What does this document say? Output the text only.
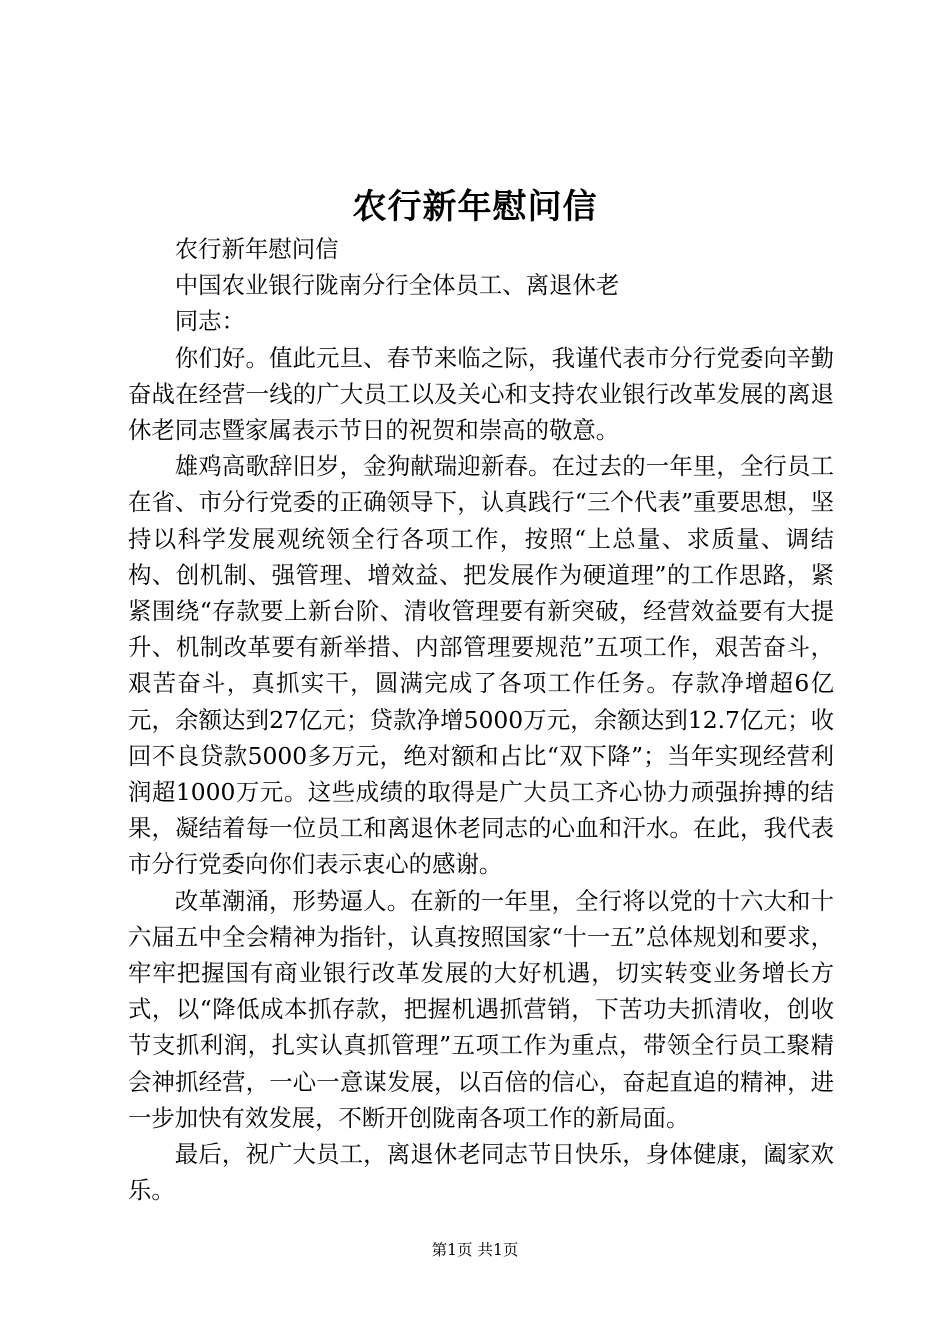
农行新年慰问信

农行新年慰问信

中国农业银行陇南分行全体员工、离退休老

同志：

你们好。值此元旦、春节来临之际，我谨代表市分行党委向辛勤奋战在经营一线的广大员工以及关心和支持农业银行改革发展的离退休老同志暨家属表示节日的祝贺和崇高的敬意。

雄鸡高歌辞旧岁，金狗献瑞迎新春。在过去的一年里，全行员工在省、市分行党委的正确领导下，认真践行“三个代表”重要思想，坚持以科学发展观统领全行各项工作，按照“上总量、求质量、调结构、创机制、强管理、增效益、把发展作为硬道理”的工作思路，紧紧围绕“存款要上新台阶、清收管理要有新突破，经营效益要有大提升、机制改革要有新举措、内部管理要规范”五项工作，艰苦奋斗，艰苦奋斗，真抓实干，圆满完成了各项工作任务。存款净增超6亿元，余额达到27亿元；贷款净增5000万元，余额达到12.7亿元；收回不良贷款5000多万元，绝对额和占比“双下降”；当年实现经营利润超1000万元。这些成绩的取得是广大员工齐心协力顽强拚搏的结果，凝结着每一位员工和离退休老同志的心血和汗水。在此，我代表市分行党委向你们表示衷心的感谢。

改革潮涌，形势逼人。在新的一年里，全行将以党的十六大和十六届五中全会精神为指针，认真按照国家“十一五”总体规划和要求，牢牢把握国有商业银行改革发展的大好机遇，切实转变业务增长方式，以“降低成本抓存款，把握机遇抓营销，下苦功夫抓清收，创收节支抓利润，扎实认真抓管理”五项工作为重点，带领全行员工聚精会神抓经营，一心一意谋发展，以百倍的信心，奋起直追的精神，进一步加快有效发展，不断开创陇南各项工作的新局面。

最后，祝广大员工，离退休老同志节日快乐，身体健康，阖家欢乐。

第1页 共1页
